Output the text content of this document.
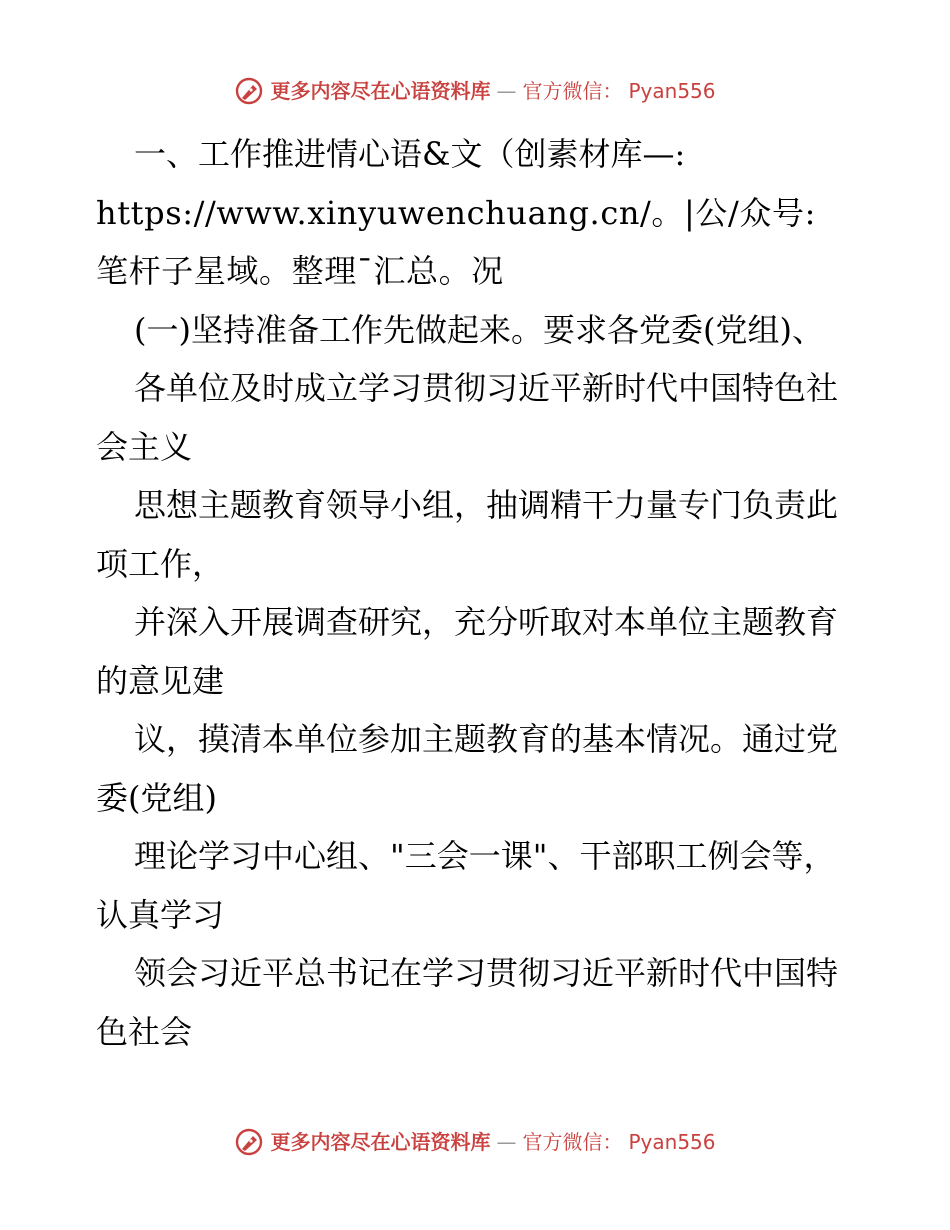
更多内容尽在心语资料库 — 官方微信： Pyan556

一、工作推进情心语&文（创素材库—:

https://www.xinyuwenchuang.cn/。|公/众号: 笔杆子星域。整理¯汇总。况

(一)坚持准备工作先做起来。要求各党委(党组)、

各单位及时成立学习贯彻习近平新时代中国特色社会主义

思想主题教育领导小组，抽调精干力量专门负责此项工作，

并深入开展调查研究，充分听取对本单位主题教育的意见建

议，摸清本单位参加主题教育的基本情况。通过党委(党组)

理论学习中心组、"三会一课"、干部职工例会等，认真学习

领会习近平总书记在学习贯彻习近平新时代中国特色社会

更多内容尽在心语资料库 — 官方微信： Pyan556
